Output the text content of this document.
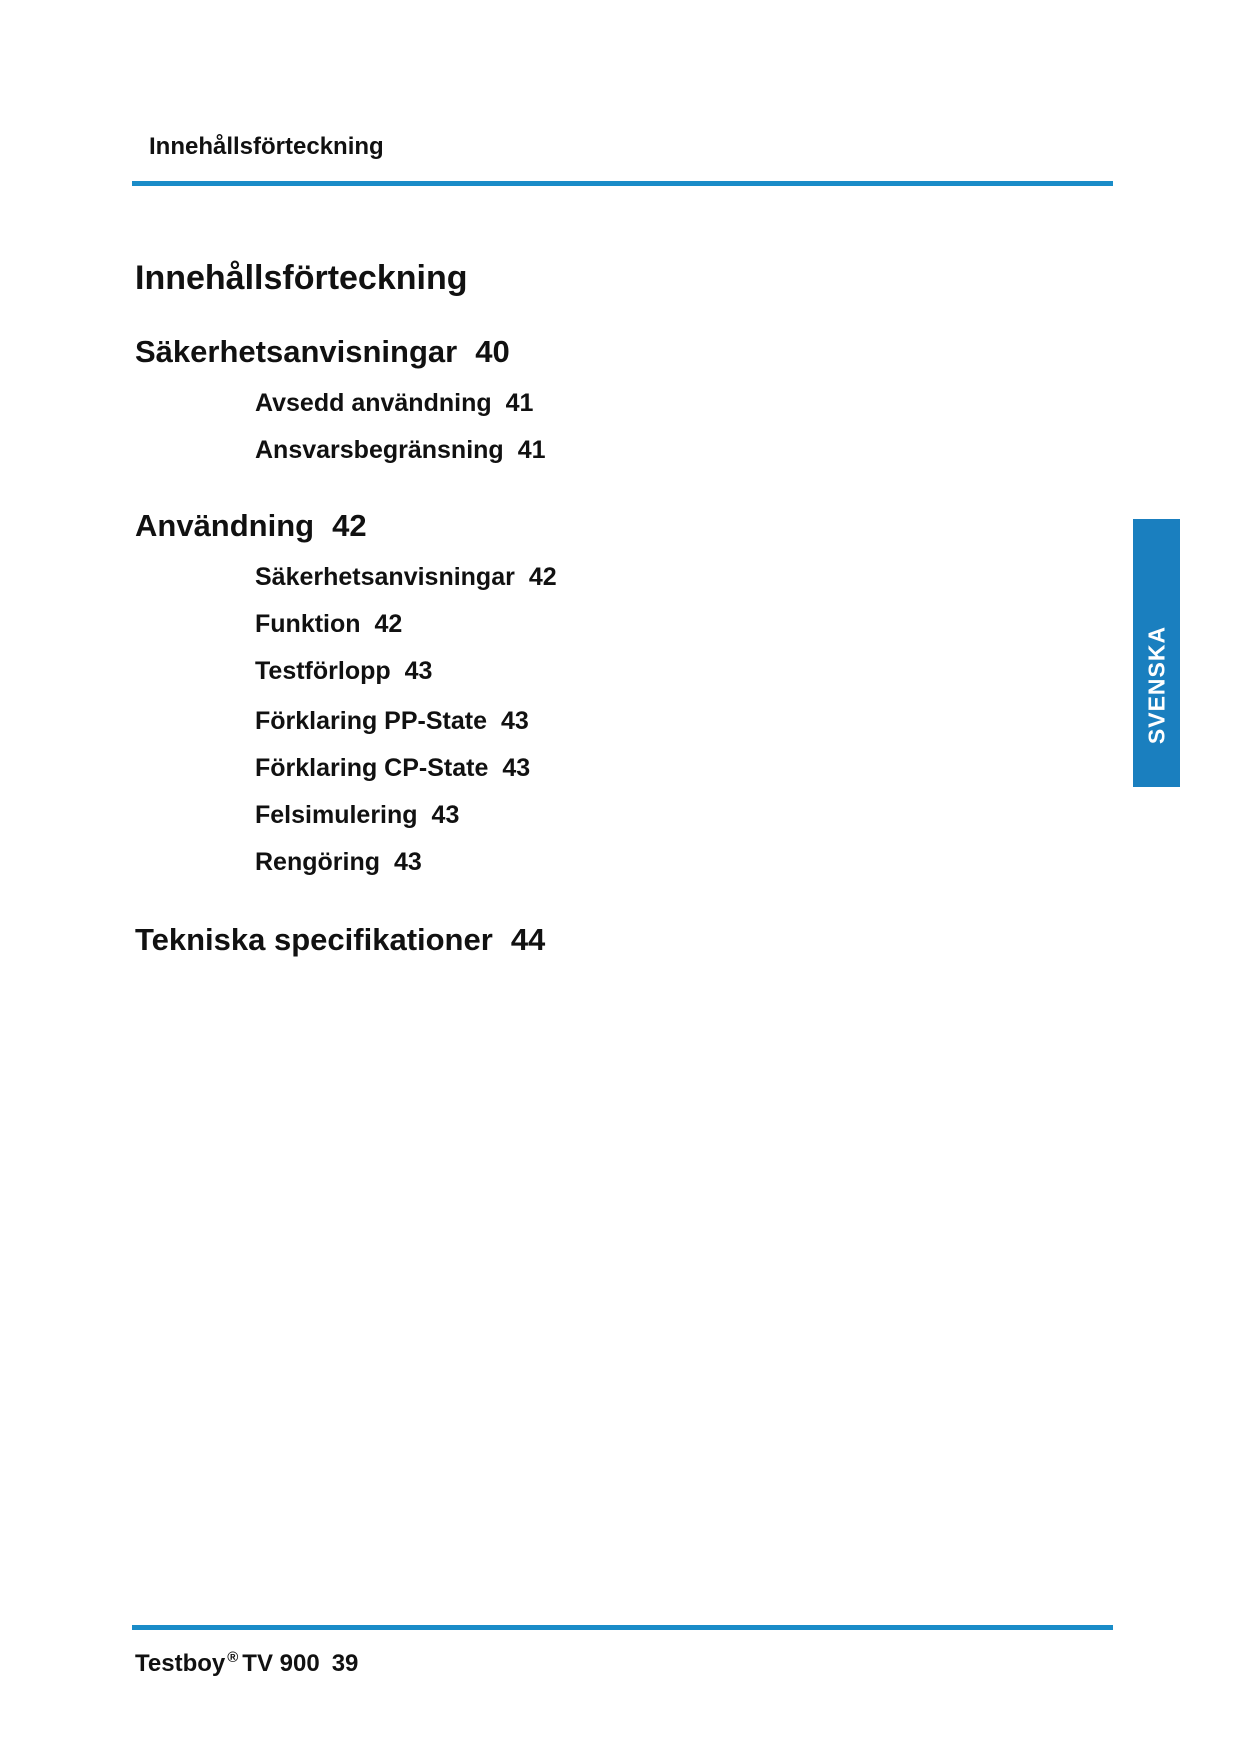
Innehållsförteckning
Innehållsförteckning
Säkerhetsanvisningar 40
Avsedd användning 41
Ansvarsbegränsning 41
Användning 42
Säkerhetsanvisningar 42
Funktion 42
Testförlopp 43
Förklaring PP-State 43
Förklaring CP-State 43
Felsimulering 43
Rengöring 43
Tekniska specifikationer 44
SVENSKA
Testboy ® TV 900 39
